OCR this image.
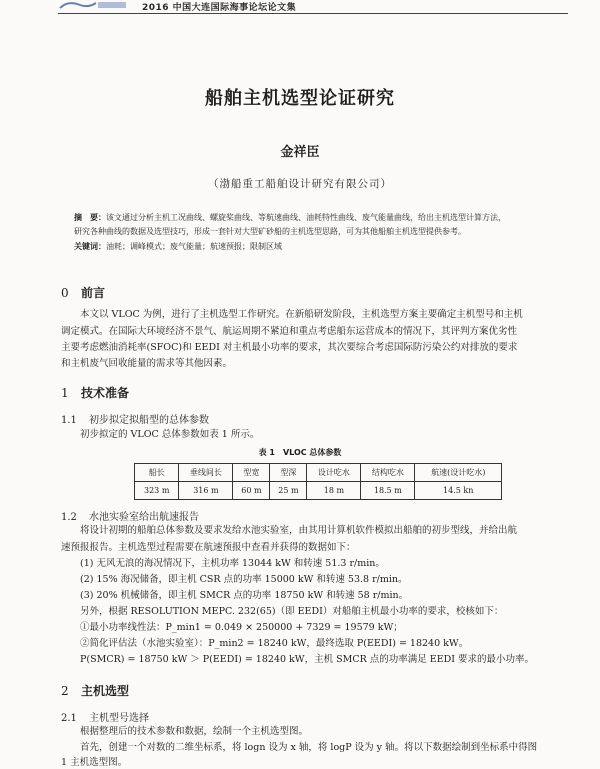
2016 中国大连国际海事论坛论文集
船舶主机选型论证研究
金祥臣
（渤船重工船舶设计研究有限公司）
摘　要：该文通过分析主机工况曲线、螺旋桨曲线、等航速曲线、油耗特性曲线、废气能量曲线，给出主机选型计算方法，
研究各种曲线的数据及选型技巧，形成一套针对大型矿砂船的主机选型思路，可为其他船舶主机选型提供参考。
关键词：油耗；调峰模式；废气能量；航速预报；限制区域
0 前言
本文以 VLOC 为例，进行了主机选型工作研究。在新船研发阶段，主机选型方案主要确定主机型号和主机
调定模式。在国际大环境经济不景气、航运周期不紧迫和重点考虑船东运营成本的情况下，其评判方案优劣性
主要考虑燃油消耗率(SFOC)和 EEDI 对主机最小功率的要求，其次要综合考虑国际防污染公约对排放的要求
和主机废气回收能量的需求等其他因素。
1 技术准备
1.1 初步拟定拟船型的总体参数
初步拟定的 VLOC 总体参数如表 1 所示。
表 1　VLOC 总体参数
船长	垂线间长	型宽	型深	设计吃水	结构吃水	航速(设计吃水)
323 m	316 m	60 m	25 m	18 m	18.5 m	14.5 kn
1.2 水池实验室给出航速报告
将设计初期的船舶总体参数及要求发给水池实验室，由其用计算机软件模拟出船舶的初步型线，并给出航
速预报报告。主机选型过程需要在航速预报中查看并获得的数据如下：
(1) 无风无浪的海况情况下，主机功率 13044 kW 和转速 51.3 r/min。
(2) 15% 海况储备，即主机 CSR 点的功率 15000 kW 和转速 53.8 r/min。
(3) 20% 机械储备，即主机 SMCR 点的功率 18750 kW 和转速 58 r/min。
另外，根据 RESOLUTION MEPC. 232(65)（即 EEDI）对船舶主机最小功率的要求，校核如下：
①最小功率线性法：P_min1 = 0.049 × 250000 + 7329 = 19579 kW；
②简化评估法（水池实验室）：P_min2 = 18240 kW，最终选取 P(EEDI) = 18240 kW。
P(SMCR) = 18750 kW ＞ P(EEDI) = 18240 kW，主机 SMCR 点的功率满足 EEDI 要求的最小功率。
2 主机选型
2.1 主机型号选择
根据整理后的技术参数和数据，绘制一个主机选型图。
首先，创建一个对数的二维坐标系，将 logn 设为 x 轴，将 logP 设为 y 轴。将以下数据绘制到坐标系中得图
1 主机选型图。
